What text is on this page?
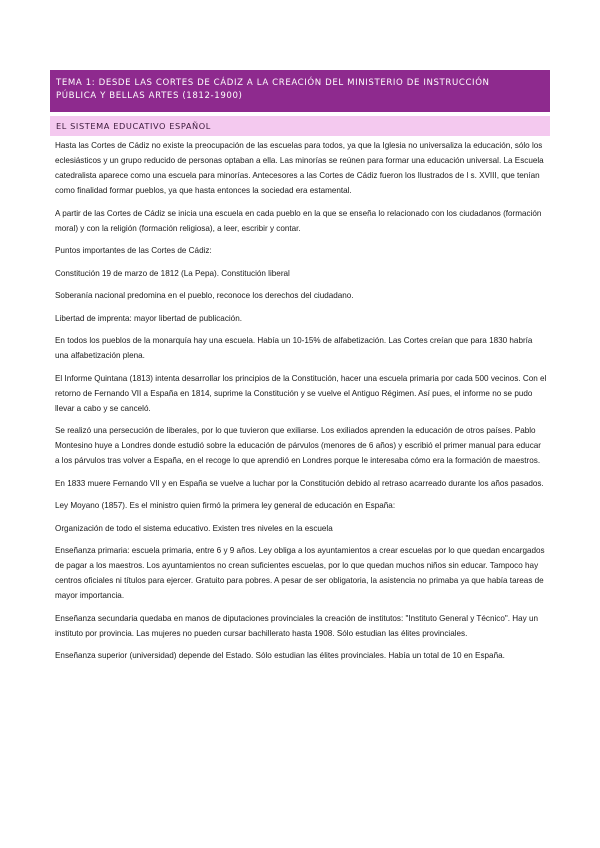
TEMA 1: DESDE LAS CORTES DE CÁDIZ A LA CREACIÓN DEL MINISTERIO DE INSTRUCCIÓN
PÚBLICA Y BELLAS ARTES (1812-1900)
EL SISTEMA EDUCATIVO ESPAÑOL

Hasta las Cortes de Cádiz no existe la preocupación de las escuelas para todos, ya que la Iglesia no universaliza la educación, sólo los eclesiásticos y un grupo reducido de personas optaban a ella. Las minorías se reúnen para formar una educación universal. La Escuela catedralista aparece como una escuela para minorías. Antecesores a las Cortes de Cádiz fueron los Ilustrados de l s. XVIII, que tenían como finalidad formar pueblos, ya que hasta entonces la sociedad era estamental.

A partir de las Cortes de Cádiz se inicia una escuela en cada pueblo en la que se enseña lo relacionado con los ciudadanos (formación moral) y con la religión (formación religiosa), a leer, escribir y contar.

Puntos importantes de las Cortes de Cádiz:

Constitución 19 de marzo de 1812 (La Pepa). Constitución liberal

Soberanía nacional predomina en el pueblo, reconoce los derechos del ciudadano.

Libertad de imprenta: mayor libertad de publicación.

En todos los pueblos de la monarquía hay una escuela. Había un 10-15% de alfabetización. Las Cortes creían que para 1830 habría una alfabetización plena.

El Informe Quintana (1813) intenta desarrollar los principios de la Constitución, hacer una escuela primaria por cada 500 vecinos. Con el retorno de Fernando VII a España en 1814, suprime la Constitución y se vuelve el Antiguo Régimen. Así pues, el informe no se pudo llevar a cabo y se canceló.

Se realizó una persecución de liberales, por lo que tuvieron que exiliarse. Los exiliados aprenden la educación de otros países. Pablo Montesino huye a Londres donde estudió sobre la educación de párvulos (menores de 6 años) y escribió el primer manual para educar a los párvulos tras volver a España, en el recoge lo que aprendió en Londres porque le interesaba cómo era la formación de maestros.

En 1833 muere Fernando VII y en España se vuelve a luchar por la Constitución debido al retraso acarreado durante los años pasados.

Ley Moyano (1857). Es el ministro quien firmó la primera ley general de educación en España:

Organización de todo el sistema educativo. Existen tres niveles en la escuela

Enseñanza primaria: escuela primaria, entre 6 y 9 años. Ley obliga a los ayuntamientos a crear escuelas por lo que quedan encargados de pagar a los maestros. Los ayuntamientos no crean suficientes escuelas, por lo que quedan muchos niños sin educar. Tampoco hay centros oficiales ni títulos para ejercer. Gratuito para pobres. A pesar de ser obligatoria, la asistencia no primaba ya que había tareas de mayor importancia.

Enseñanza secundaria quedaba en manos de diputaciones provinciales la creación de institutos: "Instituto General y Técnico". Hay un instituto por provincia. Las mujeres no pueden cursar bachillerato hasta 1908. Sólo estudian las élites provinciales.

Enseñanza superior (universidad) depende del Estado. Sólo estudian las élites provinciales. Había un total de 10 en España.
